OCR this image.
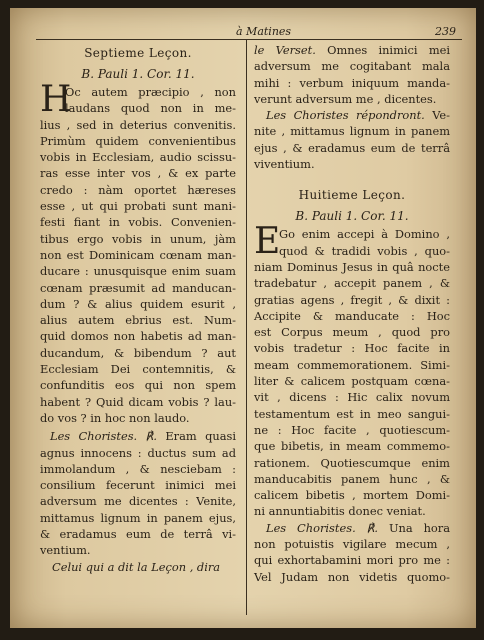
à Matines	239
Septieme Leçon.
B. Pauli 1. Cor. 11.
H
Oc autem præcipio , non
laudans quod non in me-
lius , sed in deterius convenitis.
Primùm quidem convenientibus
vobis in Ecclesiam, audio scissu-
ras esse inter vos , & ex parte
credo : nàm oportet hæreses
esse , ut qui probati sunt mani-
festi fiant in vobis. Convenien-
tibus ergo vobis in unum, jàm
non est Dominicam cœnam man-
ducare : unusquisque enim suam
cœnam præsumit ad manducan-
dum ? & alius quidem esurit ,
alius autem ebrius est. Num-
quid domos non habetis ad man-
ducandum, & bibendum ? aut
Ecclesiam Dei contemnitis, &
confunditis eos qui non spem
habent ? Quid dicam vobis ? lau-
do vos ? in hoc non laudo.
Les Choristes. ℟. Eram quasi
agnus innocens : ductus sum ad
immolandum , & nesciebam :
consilium fecerunt inimici mei
adversum me dicentes : Venite,
mittamus lignum in panem ejus,
& eradamus eum de terrâ vi-
ventium.
Celui qui a dit la Leçon , dira
le Verset. Omnes inimici mei
adversum me cogitabant mala
mihi : verbum iniquum manda-
verunt adversum me , dicentes.
Les Choristes répondront. Ve-
nite , mittamus lignum in panem
ejus , & eradamus eum de terrâ
viventium.
Huitieme Leçon.
B. Pauli 1. Cor. 11.
E
Go enim accepi à Domino ,
quod & tradidi vobis , quo-
niam Dominus Jesus in quâ nocte
tradebatur , accepit panem , &
gratias agens , fregit , & dixit :
Accipite & manducate : Hoc
est Corpus meum , quod pro
vobis tradetur : Hoc facite in
meam commemorationem. Simi-
liter & calicem postquam cœna-
vit , dicens : Hic calix novum
testamentum est in meo sangui-
ne : Hoc facite , quotiescum-
que bibetis, in meam commemo-
rationem. Quotiescumque enim
manducabitis panem hunc , &
calicem bibetis , mortem Domi-
ni annuntiabitis donec veniat.
Les Choristes. ℟. Una hora
non potuistis vigilare mecum ,
qui exhortabamini mori pro me :
Vel Judam non videtis quomo-
